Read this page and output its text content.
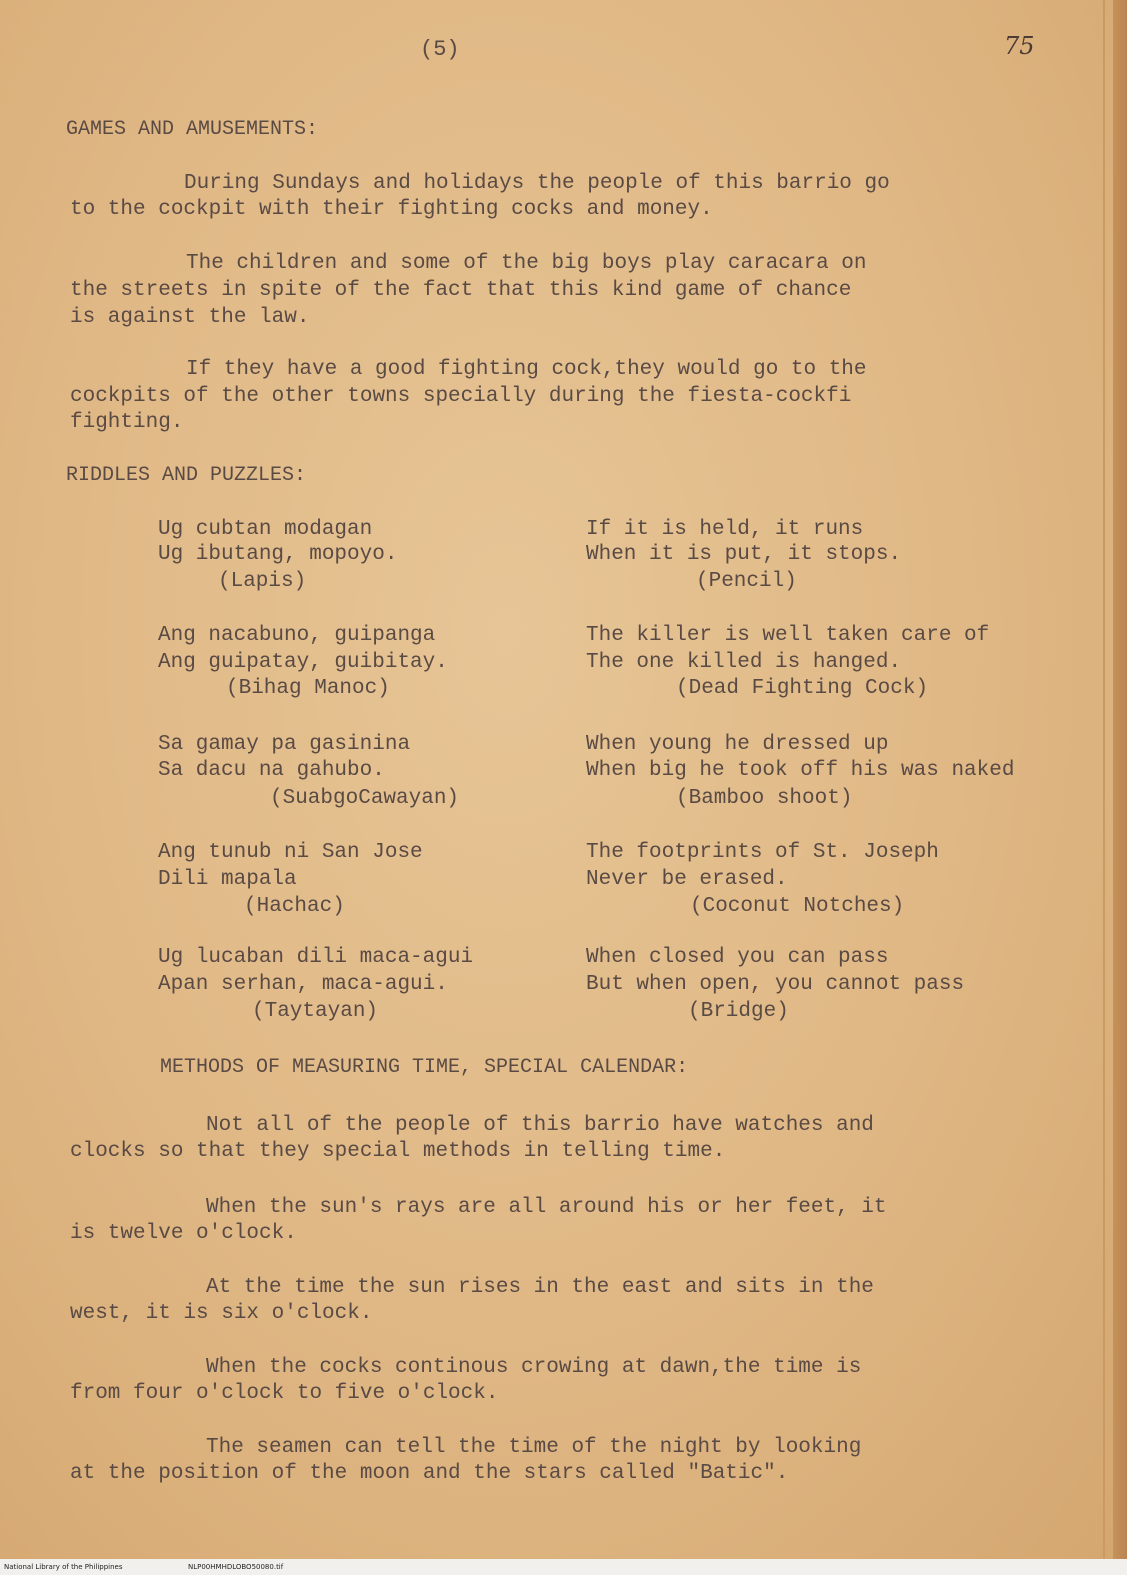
(5)	75
GAMES AND AMUSEMENTS:
During Sundays and holidays the people of this barrio go
to the cockpit with their fighting cocks and money.
The children and some of the big boys play caracara on
the streets in spite of the fact that this kind game of chance
is against the law.
If they have a good fighting cock,they would go to the
cockpits of the other towns specially during the fiesta-cockfi
fighting.
RIDDLES AND PUZZLES:
Ug cubtan modagan
Ug ibutang, mopoyo.
(Lapis)
If it is held, it runs
When it is put, it stops.
(Pencil)
Ang nacabuno, guipanga
Ang guipatay, guibitay.
(Bihag Manoc)
The killer is well taken care of
The one killed is hanged.
(Dead Fighting Cock)
Sa gamay pa gasinina
Sa dacu na gahubo.
(SuabgoCawayan)
When young he dressed up
When big he took off his was naked
(Bamboo shoot)
Ang tunub ni San Jose
Dili mapala
(Hachac)
The footprints of St. Joseph
Never be erased.
(Coconut Notches)
Ug lucaban dili maca-agui
Apan serhan, maca-agui.
(Taytayan)
When closed you can pass
But when open, you cannot pass
(Bridge)
METHODS OF MEASURING TIME, SPECIAL CALENDAR:
Not all of the people of this barrio have watches and
clocks so that they special methods in telling time.
When the sun's rays are all around his or her feet, it
is twelve o'clock.
At the time the sun rises in the east and sits in the
west, it is six o'clock.
When the cocks continous crowing at dawn,the time is
from four o'clock to five o'clock.
The seamen can tell the time of the night by looking
at the position of the moon and the stars called "Batic".
National Library of the Philippines	NLP00HMHDLOBO50080.tif
